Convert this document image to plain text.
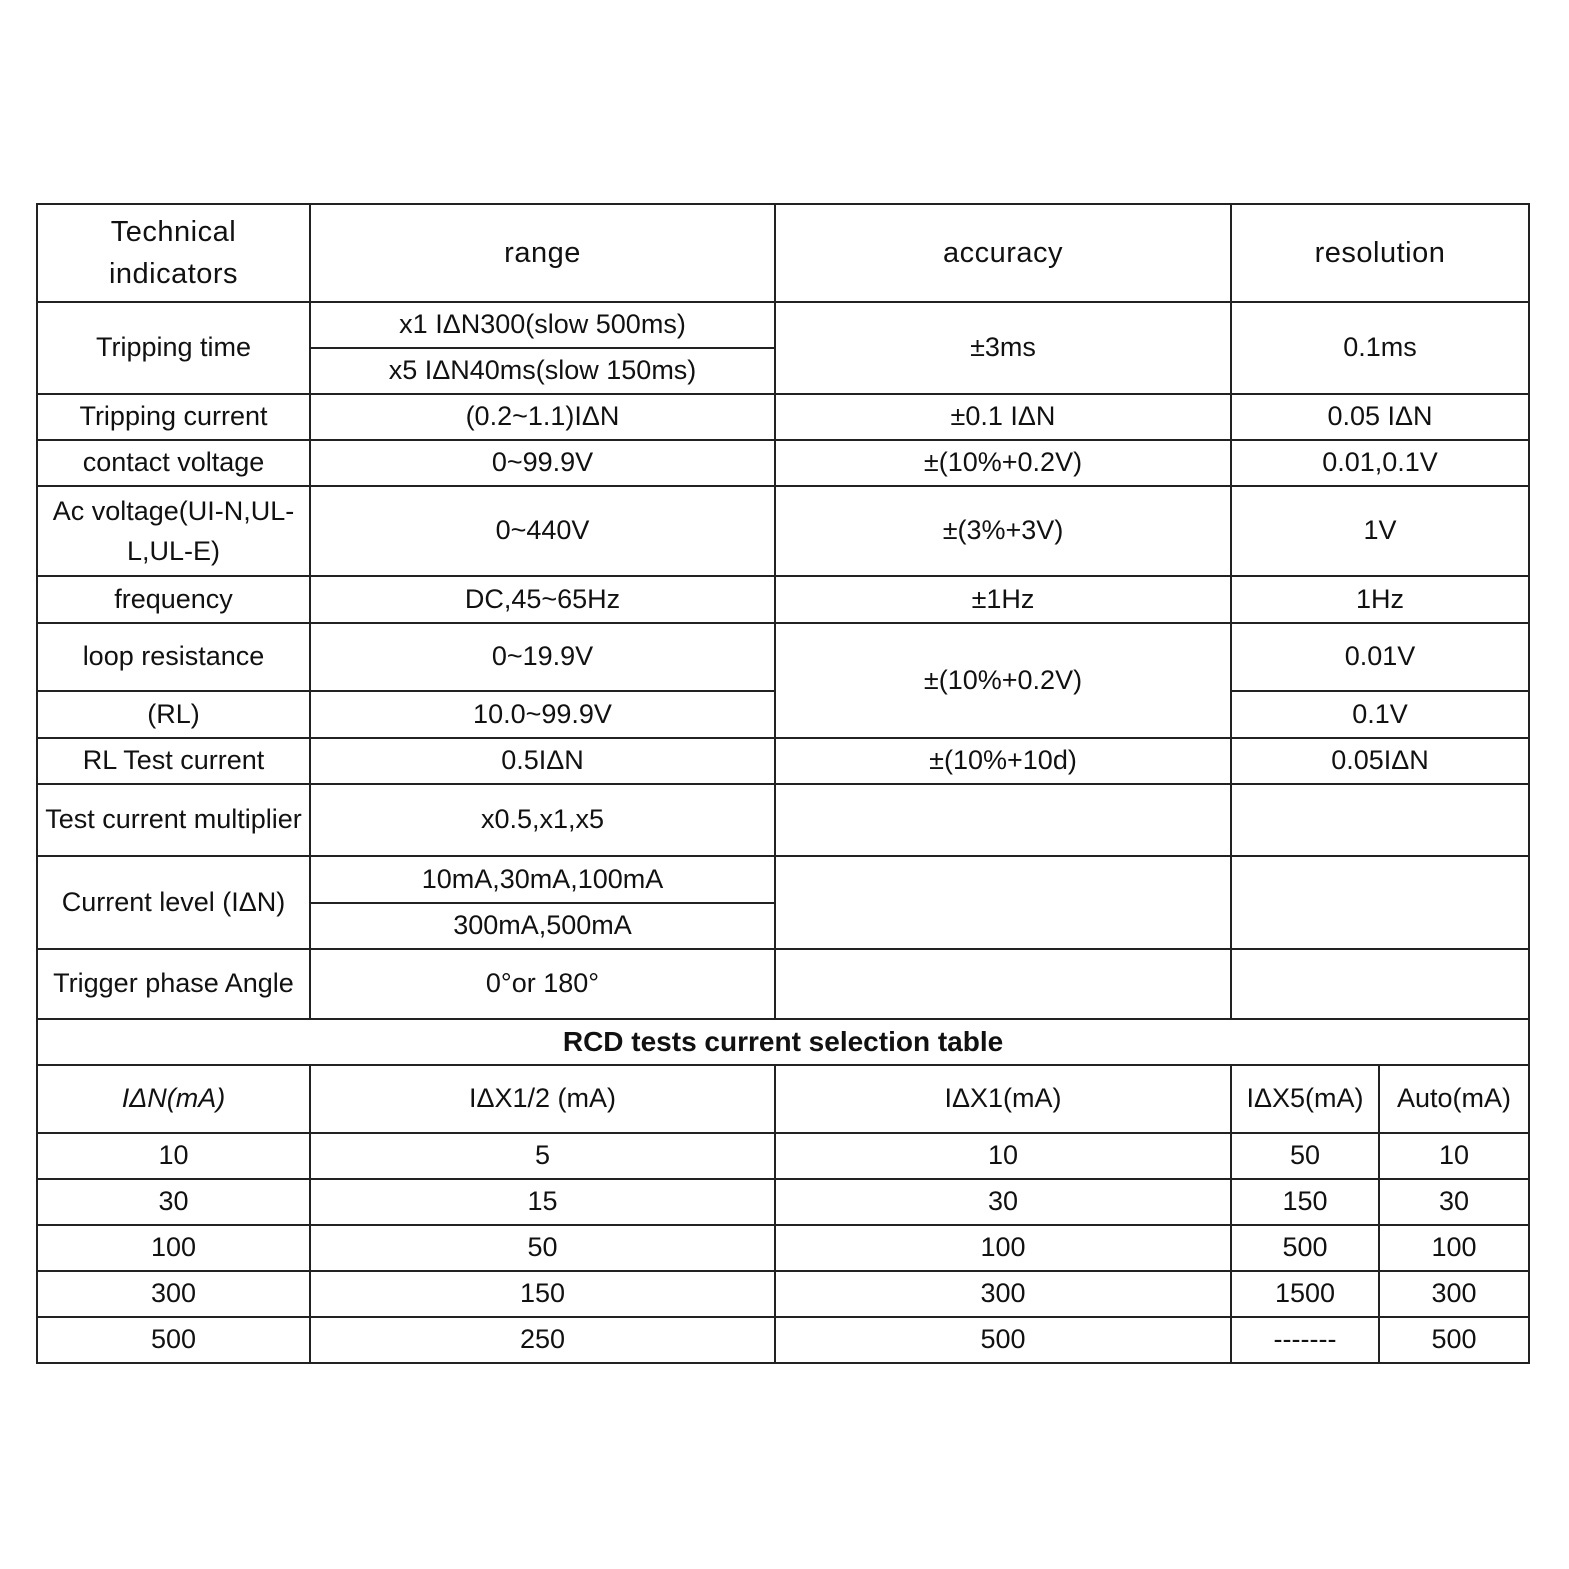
Technical indicators	range	accuracy	resolution
Tripping time	x1 IΔN300(slow 500ms)	±3ms	0.1ms
	x5 IΔN40ms(slow 150ms)		
Tripping current	(0.2~1.1)IΔN	±0.1 IΔN	0.05 IΔN
contact voltage	0~99.9V	±(10%+0.2V)	0.01,0.1V
Ac voltage(UI-N,UL-L,UL-E)	0~440V	±(3%+3V)	1V
frequency	DC,45~65Hz	±1Hz	1Hz
loop resistance	0~19.9V	±(10%+0.2V)	0.01V
(RL)	10.0~99.9V		0.1V
RL Test current	0.5IΔN	±(10%+10d)	0.05IΔN
Test current multiplier	x0.5,x1,x5		
Current level (IΔN)	10mA,30mA,100mA		
	300mA,500mA		
Trigger phase Angle	0°or 180°		
RCD tests current selection table				
IΔN(mA)	IΔX1/2 (mA)	IΔX1(mA)	IΔX5(mA)	Auto(mA)
10	5	10	50	10
30	15	30	150	30
100	50	100	500	100
300	150	300	1500	300
500	250	500	-------	500
